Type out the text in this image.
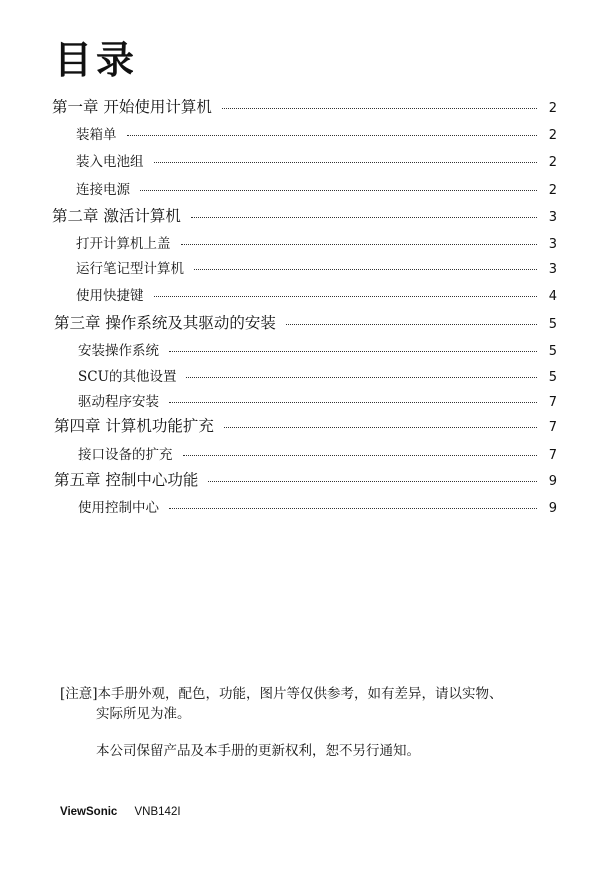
目录
第一章 开始使用计算机	2
装箱单	2
装入电池组	2
连接电源	2
第二章 激活计算机	3
打开计算机上盖	3
运行笔记型计算机	3
使用快捷键	4
第三章 操作系统及其驱动的安装	5
安装操作系统	5
SCU的其他设置	5
驱动程序安装	7
第四章 计算机功能扩充	7
接口设备的扩充	7
第五章 控制中心功能	9
使用控制中心	9
[注意]本手册外观，配色，功能，图片等仅供参考，如有差异，请以实物、
实际所见为准。
本公司保留产品及本手册的更新权利，恕不另行通知。
ViewSonic VNB142I
